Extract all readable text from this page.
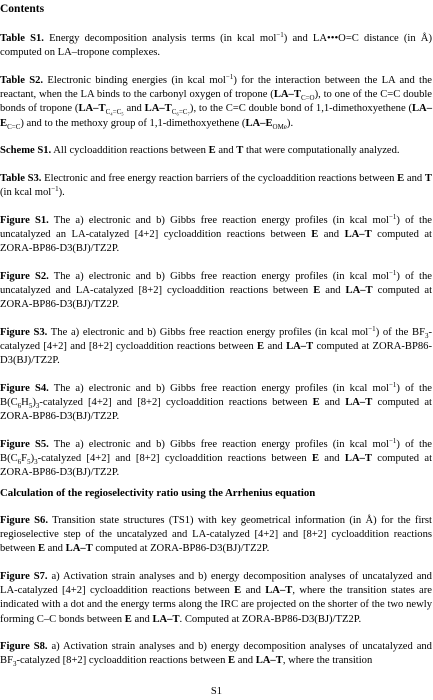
Contents
Table S1. Energy decomposition analysis terms (in kcal mol$^{-1}$) and LA•••O=C distance (in Å) computed on LA–tropone complexes.
Table S2. Electronic binding energies (in kcal mol$^{-1}$) for the interaction between the LA and the reactant, when the LA binds to the carbonyl oxygen of tropone $(LA-T_{C=O})$, to one of the C=C double bonds of tropone ($LA-T_{C_4=C_5}$ and $LA-T_{C_6=C_7}$), to the C=C double bond of 1,1-dimethoxyethene $(LA-E_{C=C})$ and to the methoxy group of 1,1-dimethoxyethene $(LA-E_{OMe})$.
Scheme S1. All cycloaddition reactions between E and T that were computationally analyzed.
Table S3. Electronic and free energy reaction barriers of the cycloaddition reactions between E and T (in kcal mol$^{-1}$).
Figure S1. The a) electronic and b) Gibbs free reaction energy profiles (in kcal mol$^{-1}$) of the uncatalyzed an LA-catalyzed [4+2] cycloaddition reactions between E and LA–T computed at ZORA-BP86-D3(BJ)/TZ2P.
Figure S2. The a) electronic and b) Gibbs free reaction energy profiles (in kcal mol$^{-1}$) of the uncatalyzed and LA-catalyzed [8+2] cycloaddition reactions between E and LA–T computed at ZORA-BP86-D3(BJ)/TZ2P.
Figure S3. The a) electronic and b) Gibbs free reaction energy profiles (in kcal mol$^{-1}$) of the $BF_3$-catalyzed [4+2] and [8+2] cycloaddition reactions between E and LA–T computed at ZORA-BP86-D3(BJ)/TZ2P.
Figure S4. The a) electronic and b) Gibbs free reaction energy profiles (in kcal mol$^{-1}$) of the $B(C_6H_5)_3$-catalyzed [4+2] and [8+2] cycloaddition reactions between E and LA–T computed at ZORA-BP86-D3(BJ)/TZ2P.
Figure S5. The a) electronic and b) Gibbs free reaction energy profiles (in kcal mol$^{-1}$) of the $B(C_6F_5)_3$-catalyzed [4+2] and [8+2] cycloaddition reactions between E and LA–T computed at ZORA-BP86-D3(BJ)/TZ2P.
Calculation of the regioselectivity ratio using the Arrhenius equation
Figure S6. Transition state structures (TS1) with key geometrical information (in Å) for the first regioselective step of the uncatalyzed and LA-catalyzed [4+2] and [8+2] cycloaddition reactions between E and LA–T computed at ZORA-BP86-D3(BJ)/TZ2P.
Figure S7. a) Activation strain analyses and b) energy decomposition analyses of uncatalyzed and LA-catalyzed [4+2] cycloaddition reactions between E and LA–T, where the transition states are indicated with a dot and the energy terms along the IRC are projected on the shorter of the two newly forming C–C bonds between E and LA–T. Computed at ZORA-BP86-D3(BJ)/TZ2P.
Figure S8. a) Activation strain analyses and b) energy decomposition analyses of uncatalyzed and $BF_3$-catalyzed [8+2] cycloaddition reactions between E and LA–T, where the transition
S1
